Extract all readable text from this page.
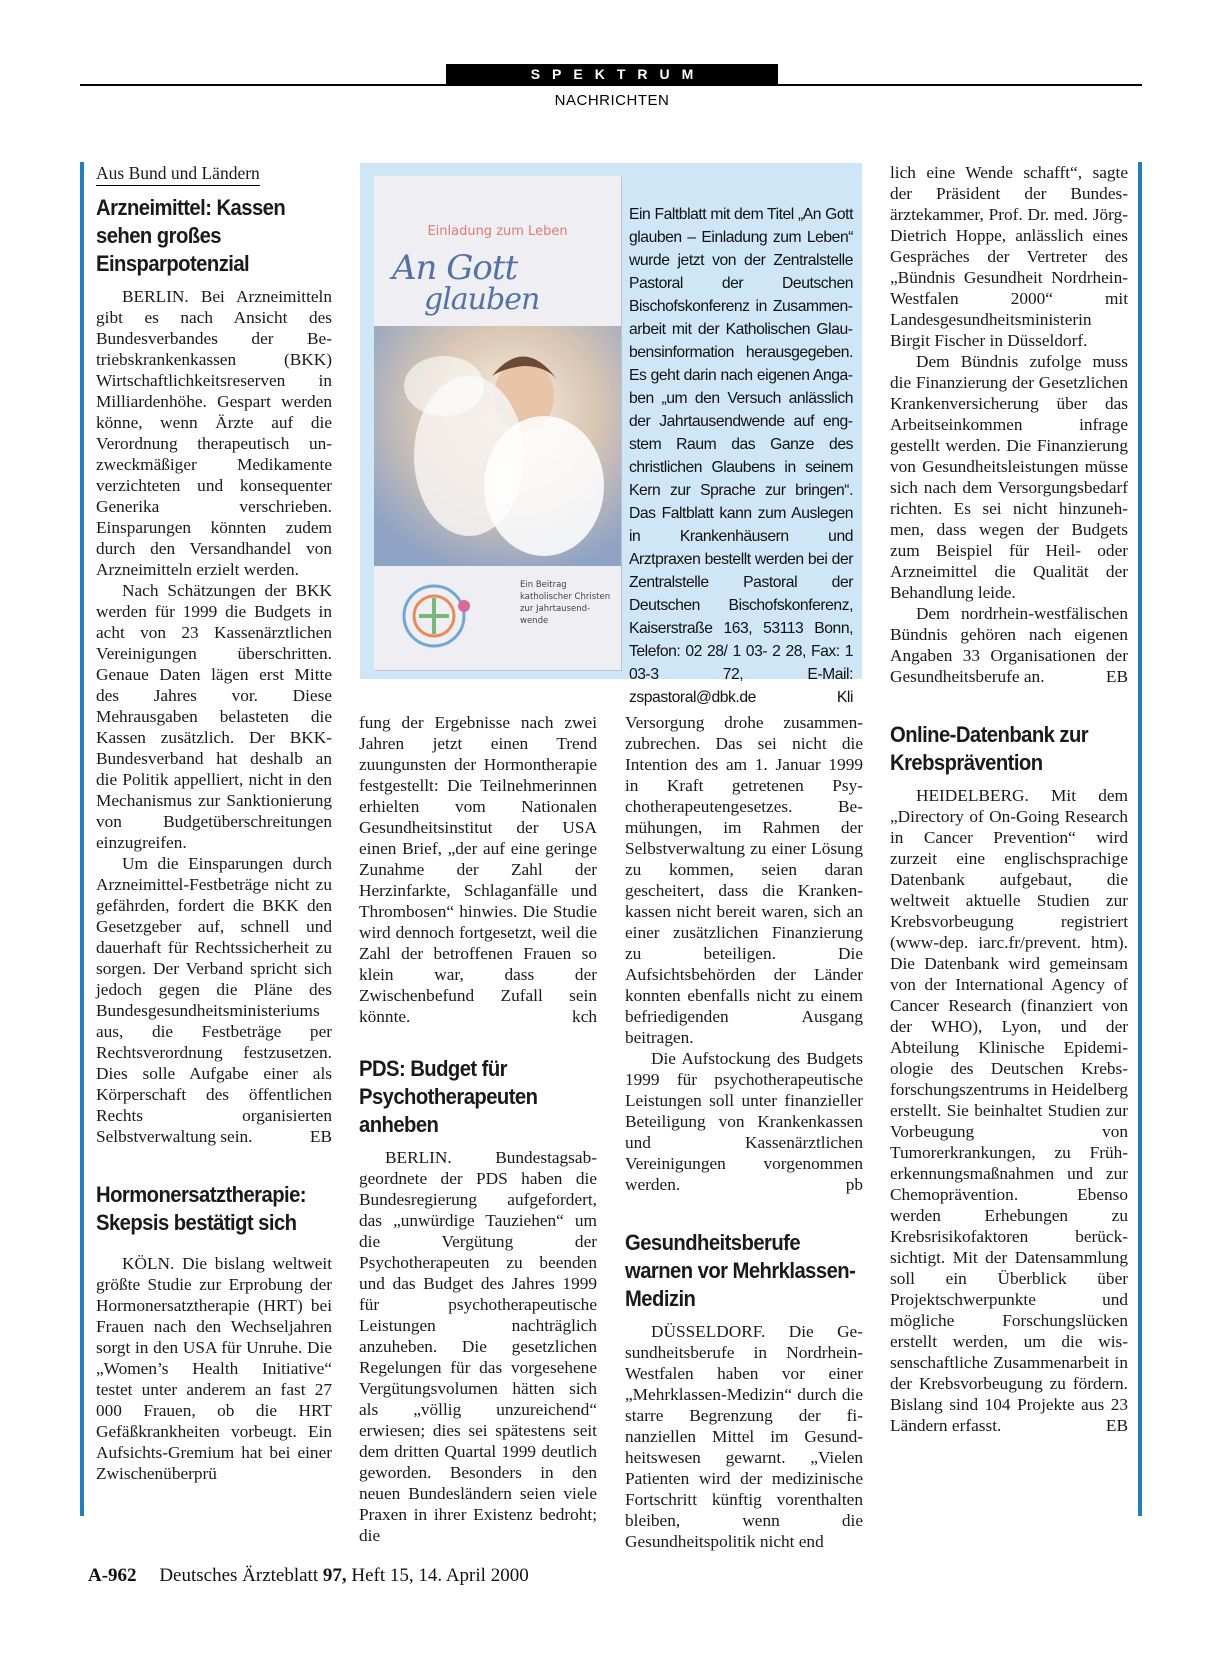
SPEKTRUM
NACHRICHTEN
Aus Bund und Ländern
Arzneimittel: Kassen sehen großes Einsparpotenzial

BERLIN. Bei Arzneimitteln gibt es nach Ansicht des Bundesverbandes der Betriebskrankenkassen (BKK) Wirtschaftlichkeitsreserven in Milliardenhöhe. Gespart werden könne, wenn Ärzte auf die Verordnung therapeutisch unzweckmäßiger Medikamente verzichteten und konsequenter Generika verschrieben. Einsparungen könnten zudem durch den Versandhandel von Arzneimitteln erzielt werden.

Nach Schätzungen der BKK werden für 1999 die Budgets in acht von 23 Kassenärztlichen Vereinigungen überschritten. Genaue Daten lägen erst Mitte des Jahres vor. Diese Mehrausgaben belasteten die Kassen zusätzlich. Der BKK-Bundesverband hat deshalb an die Politik appelliert, nicht in den Mechanismus zur Sanktionierung von Budgetüberschreitungen einzugreifen.

Um die Einsparungen durch Arzneimittel-Festbeträge nicht zu gefährden, fordert die BKK den Gesetzgeber auf, schnell und dauerhaft für Rechtssicherheit zu sorgen. Der Verband spricht sich jedoch gegen die Pläne des Bundesgesundheitsministeriums aus, die Festbeträge per Rechtsverordnung festzusetzen. Dies solle Aufgabe einer als Körperschaft des öffentlichen Rechts organisierten Selbstverwaltung sein.	EB

Hormonersatztherapie: Skepsis bestätigt sich

KÖLN. Die bislang weltweit größte Studie zur Erprobung der Hormonersatztherapie (HRT) bei Frauen nach den Wechseljahren sorgt in den USA für Unruhe. Die „Women’s Health Initiative“ testet unter anderem an fast 27 000 Frauen, ob die HRT Gefäßkrankheiten vorbeugt. Ein Aufsichts-Gremium hat bei einer Zwischenüberprü

Einladung zum Leben
An Gott
glauben
Ein Beitrag katholischer Christen zur Jahrtausendwende
Ein Faltblatt mit dem Titel „An Gott glauben – Einladung zum Leben“ wurde jetzt von der Zentralstelle Pastoral der Deutschen Bischofskonferenz in Zusammenarbeit mit der Katholischen Glaubensinformation herausgegeben. Es geht darin nach eigenen Angaben „um den Versuch anlässlich der Jahrtausendwende auf engstem Raum das Ganze des christlichen Glaubens in seinem Kern zur Sprache zur bringen“. Das Faltblatt kann zum Auslegen in Krankenhäusern und Arztpraxen bestellt werden bei der Zentralstelle Pastoral der Deutschen Bischofskonferenz, Kaiserstraße 163, 53113 Bonn, Telefon: 02 28/ 1 03- 2 28, Fax: 1 03-3 72, E-Mail: zspastoral@dbk.de	Kli

fung der Ergebnisse nach zwei Jahren jetzt einen Trend zuungunsten der Hormontherapie festgestellt: Die Teilnehmerinnen erhielten vom Nationalen Gesundheitsinstitut der USA einen Brief, „der auf eine geringe Zunahme der Zahl der Herzinfarkte, Schlaganfälle und Thrombosen“ hinwies. Die Studie wird dennoch fortgesetzt, weil die Zahl der betroffenen Frauen so klein war, dass der Zwischenbefund Zufall sein könnte.	kch

PDS: Budget für Psychotherapeuten anheben

BERLIN. Bundestagsabgeordnete der PDS haben die Bundesregierung aufgefordert, das „unwürdige Tauziehen“ um die Vergütung der Psychotherapeuten zu beenden und das Budget des Jahres 1999 für psychotherapeutische Leistungen nachträglich anzuheben. Die gesetzlichen Regelungen für das vorgesehene Vergütungsvolumen hätten sich als „völlig unzureichend“ erwiesen; dies sei spätestens seit dem dritten Quartal 1999 deutlich geworden. Besonders in den neuen Bundesländern seien viele Praxen in ihrer Existenz bedroht; die

Versorgung drohe zusammenzubrechen. Das sei nicht die Intention des am 1. Januar 1999 in Kraft getretenen Psychotherapeutengesetzes. Bemühungen, im Rahmen der Selbstverwaltung zu einer Lösung zu kommen, seien daran gescheitert, dass die Krankenkassen nicht bereit waren, sich an einer zusätzlichen Finanzierung zu beteiligen. Die Aufsichtsbehörden der Länder konnten ebenfalls nicht zu einem befriedigenden Ausgang beitragen.

Die Aufstockung des Budgets 1999 für psychotherapeutische Leistungen soll unter finanzieller Beteiligung von Krankenkassen und Kassenärztlichen Vereinigungen vorgenommen werden.	pb

Gesundheitsberufe warnen vor Mehrklassen-Medizin

DÜSSELDORF. Die Gesundheitsberufe in Nordrhein-Westfalen haben vor einer „Mehrklassen-Medizin“ durch die starre Begrenzung der finanziellen Mittel im Gesundheitswesen gewarnt. „Vielen Patienten wird der medizinische Fortschritt künftig vorenthalten bleiben, wenn die Gesundheitspolitik nicht end

lich eine Wende schafft“, sagte der Präsident der Bundesärztekammer, Prof. Dr. med. Jörg-Dietrich Hoppe, anlässlich eines Gespräches der Vertreter des „Bündnis Gesundheit Nordrhein-Westfalen 2000“ mit Landesgesundheitsministerin Birgit Fischer in Düsseldorf.

Dem Bündnis zufolge muss die Finanzierung der Gesetzlichen Krankenversicherung über das Arbeitseinkommen infrage gestellt werden. Die Finanzierung von Gesundheitsleistungen müsse sich nach dem Versorgungsbedarf richten. Es sei nicht hinzunehmen, dass wegen der Budgets zum Beispiel für Heil- oder Arzneimittel die Qualität der Behandlung leide.

Dem nordrhein-westfälischen Bündnis gehören nach eigenen Angaben 33 Organisationen der Gesundheitsberufe an.	EB

Online-Datenbank zur Krebsprävention

HEIDELBERG. Mit dem „Directory of On-Going Research in Cancer Prevention“ wird zurzeit eine englischsprachige Datenbank aufgebaut, die weltweit aktuelle Studien zur Krebsvorbeugung registriert (www-dep. iarc.fr/prevent. htm). Die Datenbank wird gemeinsam von der International Agency of Cancer Research (finanziert von der WHO), Lyon, und der Abteilung Klinische Epidemiologie des Deutschen Krebsforschungszentrums in Heidelberg erstellt. Sie beinhaltet Studien zur Vorbeugung von Tumorerkrankungen, zu Früherkennungsmaßnahmen und zur Chemoprävention. Ebenso werden Erhebungen zu Krebsrisikofaktoren berücksichtigt. Mit der Datensammlung soll ein Überblick über Projektschwerpunkte und mögliche Forschungslücken erstellt werden, um die wissenschaftliche Zusammenarbeit in der Krebsvorbeugung zu fördern. Bislang sind 104 Projekte aus 23 Ländern erfasst.	EB

A-962 Deutsches Ärzteblatt 97, Heft 15, 14. April 2000
